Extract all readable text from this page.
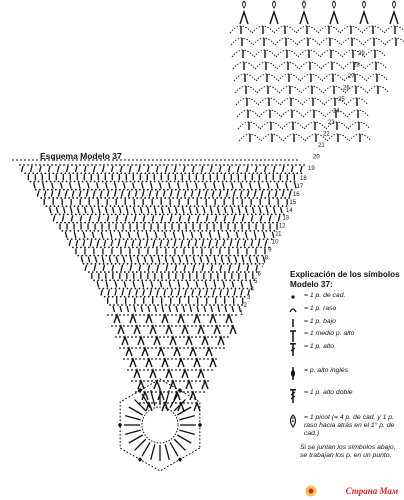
18
17
16
15
14
13
12
11
10
9
8
7
6
5
4
3
2
1
29
28
27
26
25
24
23
22
21
20
19
Esquema Modelo 37
Explicación de los símbolos Modelo 37:
= 1 p. de cad.
= 1 p. raso
= 1 p. bajo
= 1 medio p. alto
= 1 p. alto
= p. alto inglés
= 1 p. alto doble
= 1 picot (= 4 p. de cad. y 1 p. raso hacia atrás en el 1° p. de cad.)
Si se juntan los símbolos abajo, se trabajan los p. en un punto.
Страна Мам
